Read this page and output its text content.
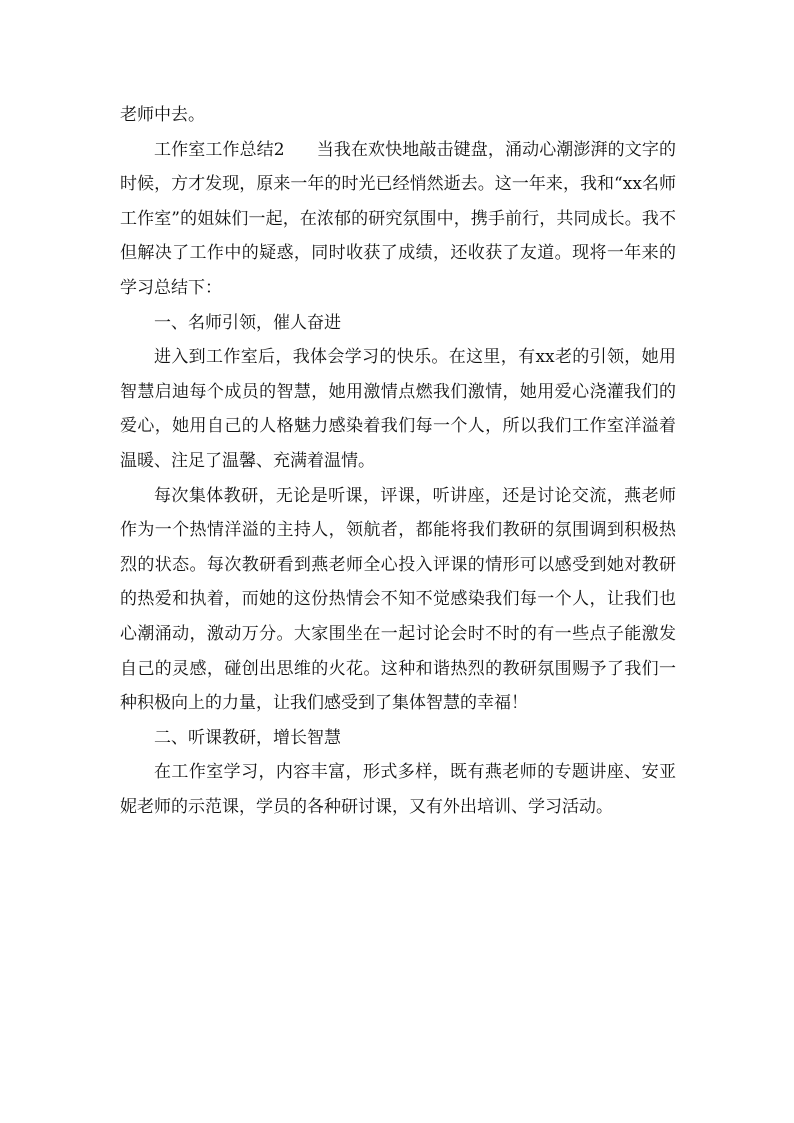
老师中去。

工作室工作总结2 当我在欢快地敲击键盘，涌动心潮澎湃的文字的时候，方才发现，原来一年的时光已经悄然逝去。这一年来，我和“xx名师工作室”的姐妹们一起，在浓郁的研究氛围中，携手前行，共同成长。我不但解决了工作中的疑惑，同时收获了成绩，还收获了友道。现将一年来的学习总结下：

一、名师引领，催人奋进

进入到工作室后，我体会学习的快乐。在这里，有xx老的引领，她用智慧启迪每个成员的智慧，她用激情点燃我们激情，她用爱心浇灌我们的爱心，她用自己的人格魅力感染着我们每一个人，所以我们工作室洋溢着温暖、注足了温馨、充满着温情。

每次集体教研，无论是听课，评课，听讲座，还是讨论交流，燕老师作为一个热情洋溢的主持人，领航者，都能将我们教研的氛围调到积极热烈的状态。每次教研看到燕老师全心投入评课的情形可以感受到她对教研的热爱和执着，而她的这份热情会不知不觉感染我们每一个人，让我们也心潮涌动，激动万分。大家围坐在一起讨论会时不时的有一些点子能激发自己的灵感，碰创出思维的火花。这种和谐热烈的教研氛围赐予了我们一种积极向上的力量，让我们感受到了集体智慧的幸福！

二、听课教研，增长智慧

在工作室学习，内容丰富，形式多样，既有燕老师的专题讲座、安亚妮老师的示范课，学员的各种研讨课，又有外出培训、学习活动。
